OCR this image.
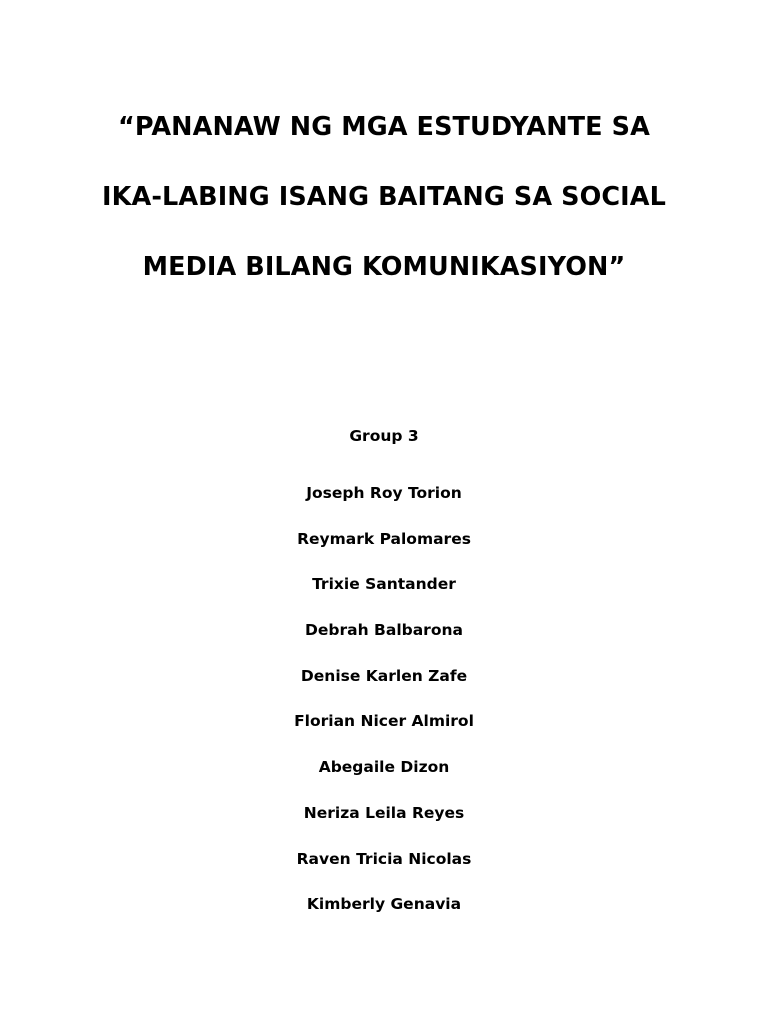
“PANANAW NG MGA ESTUDYANTE SA
IKA-LABING ISANG BAITANG SA SOCIAL
MEDIA BILANG KOMUNIKASIYON”
Group 3
Joseph Roy Torion
Reymark Palomares
Trixie Santander
Debrah Balbarona
Denise Karlen Zafe
Florian Nicer Almirol
Abegaile Dizon
Neriza Leila Reyes
Raven Tricia Nicolas
Kimberly Genavia
